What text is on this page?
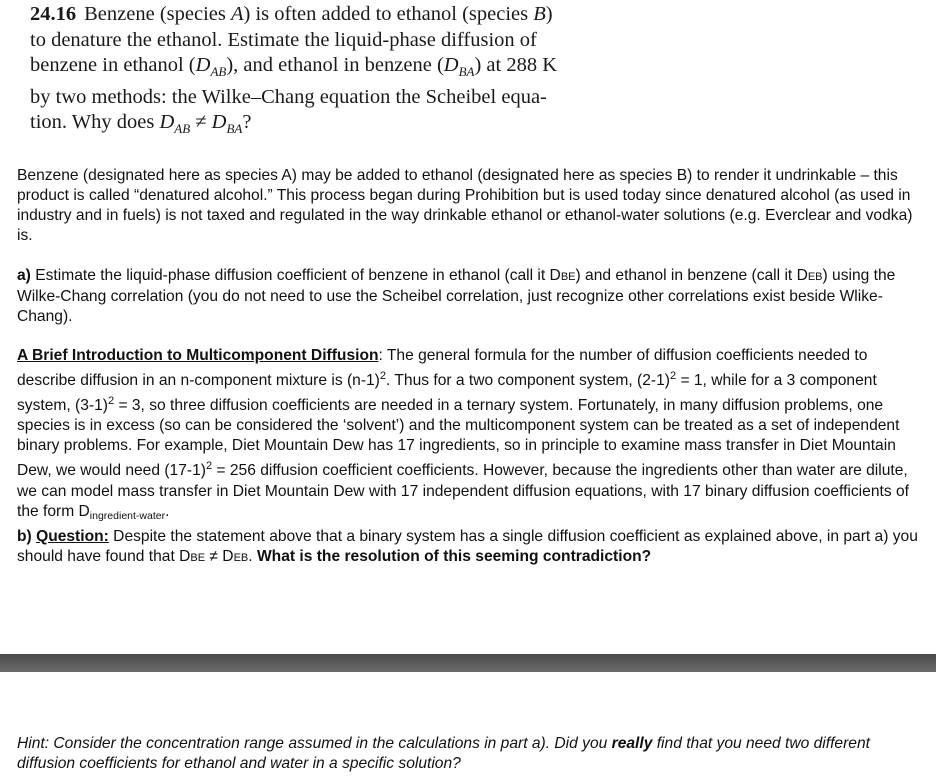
24.16 Benzene (species A) is often added to ethanol (species B)
to denature the ethanol. Estimate the liquid-phase diffusion of
benzene in ethanol $(D_{AB})$, and ethanol in benzene $(D_{BA})$ at 288 K
by two methods: the Wilke–Chang equation the Scheibel equa-
tion. Why does $D_{AB} \ne D_{BA}$?

Benzene (designated here as species A) may be added to ethanol (designated here as species B) to render it undrinkable – this product is called “denatured alcohol.” This process began during Prohibition but is used today since denatured alcohol (as used in industry and in fuels) is not taxed and regulated in the way drinkable ethanol or ethanol-water solutions (e.g. Everclear and vodka) is.

a) Estimate the liquid-phase diffusion coefficient of benzene in ethanol (call it DBE) and ethanol in benzene (call it DEB) using the Wilke-Chang correlation (you do not need to use the Scheibel correlation, just recognize other correlations exist beside Wlike-Chang).

A Brief Introduction to Multicomponent Diffusion: The general formula for the number of diffusion coefficients needed to describe diffusion in an n-component mixture is $(n-1)^2$. Thus for a two component system, $(2-1)^2 = 1$, while for a 3 component system, $(3-1)^2 = 3$, so three diffusion coefficients are needed in a ternary system. Fortunately, in many diffusion problems, one species is in excess (so can be considered the ‘solvent’) and the multicomponent system can be treated as a set of independent binary problems. For example, Diet Mountain Dew has 17 ingredients, so in principle to examine mass transfer in Diet Mountain Dew, we would need $(17-1)^2 = 256$ diffusion coefficient coefficients. However, because the ingredients other than water are dilute, we can model mass transfer in Diet Mountain Dew with 17 independent diffusion equations, with 17 binary diffusion coefficients of the form $D_{ingredient-water}$.

b) Question: Despite the statement above that a binary system has a single diffusion coefficient as explained above, in part a) you should have found that DBE ≠ DEB. What is the resolution of this seeming contradiction?

Hint: Consider the concentration range assumed in the calculations in part a). Did you really find that you need two different diffusion coefficients for ethanol and water in a specific solution?
